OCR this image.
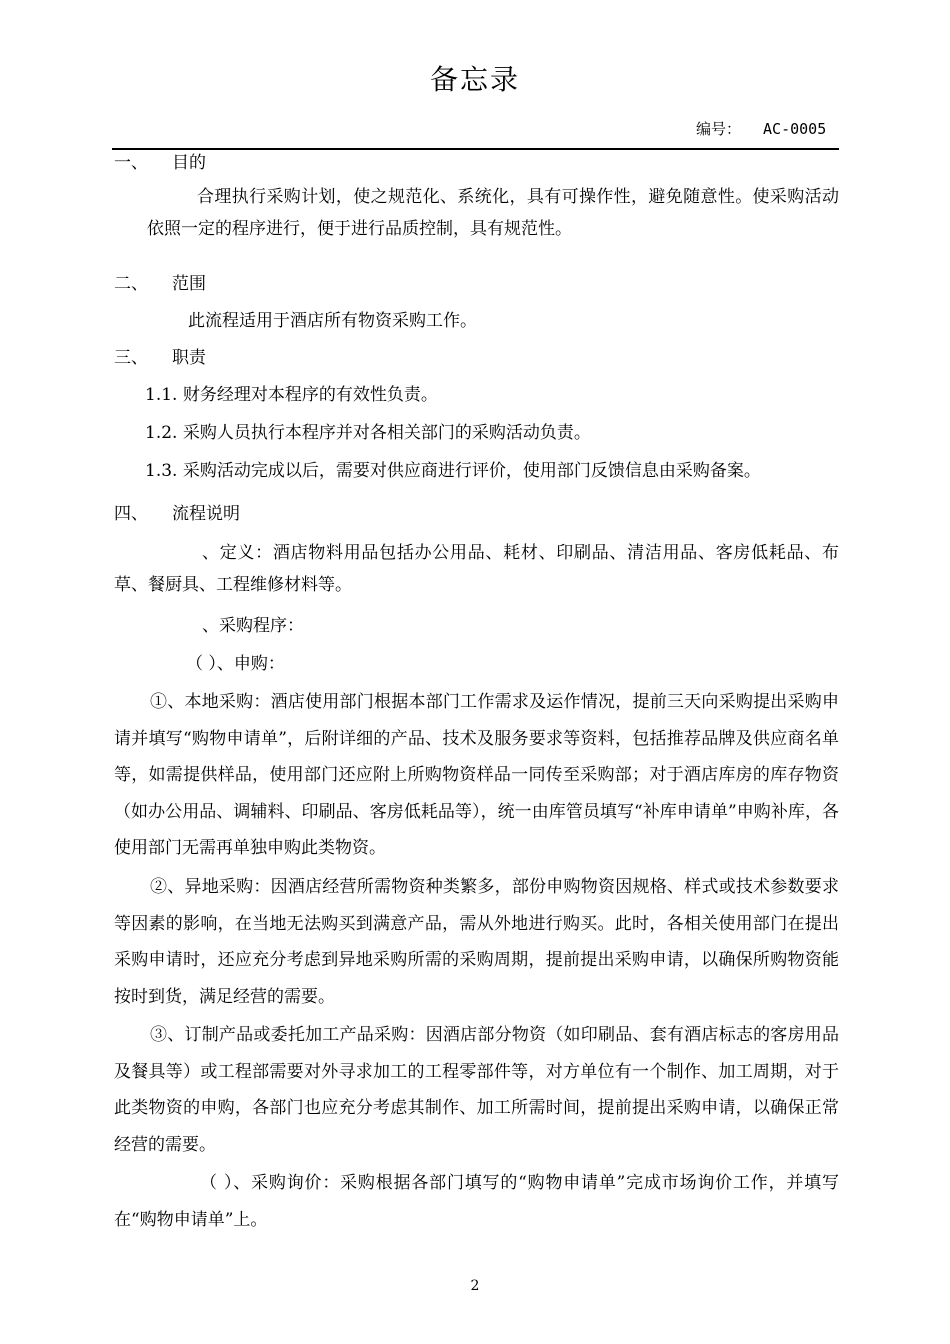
备忘录
编号： AC-0005
一、 目的
合理执行采购计划，使之规范化、系统化，具有可操作性，避免随意性。使采购活动依照一定的程序进行，便于进行品质控制，具有规范性。
二、 范围
此流程适用于酒店所有物资采购工作。
三、 职责
1.1. 财务经理对本程序的有效性负责。
1.2. 采购人员执行本程序并对各相关部门的采购活动负责。
1.3. 采购活动完成以后，需要对供应商进行评价，使用部门反馈信息由采购备案。
四、 流程说明
、定义：酒店物料用品包括办公用品、耗材、印刷品、清洁用品、客房低耗品、布草、餐厨具、工程维修材料等。
、采购程序：
（ ）、申购：
①、本地采购：酒店使用部门根据本部门工作需求及运作情况，提前三天向采购提出采购申请并填写“购物申请单”，后附详细的产品、技术及服务要求等资料，包括推荐品牌及供应商名单等，如需提供样品，使用部门还应附上所购物资样品一同传至采购部；对于酒店库房的库存物资（如办公用品、调辅料、印刷品、客房低耗品等），统一由库管员填写“补库申请单”申购补库，各使用部门无需再单独申购此类物资。
②、异地采购：因酒店经营所需物资种类繁多，部份申购物资因规格、样式或技术参数要求等因素的影响，在当地无法购买到满意产品，需从外地进行购买。此时，各相关使用部门在提出采购申请时，还应充分考虑到异地采购所需的采购周期，提前提出采购申请，以确保所购物资能按时到货，满足经营的需要。
③、订制产品或委托加工产品采购：因酒店部分物资（如印刷品、套有酒店标志的客房用品及餐具等）或工程部需要对外寻求加工的工程零部件等，对方单位有一个制作、加工周期，对于此类物资的申购，各部门也应充分考虑其制作、加工所需时间，提前提出采购申请，以确保正常经营的需要。
（ ）、采购询价：采购根据各部门填写的“购物申请单”完成市场询价工作，并填写在“购物申请单”上。
2
